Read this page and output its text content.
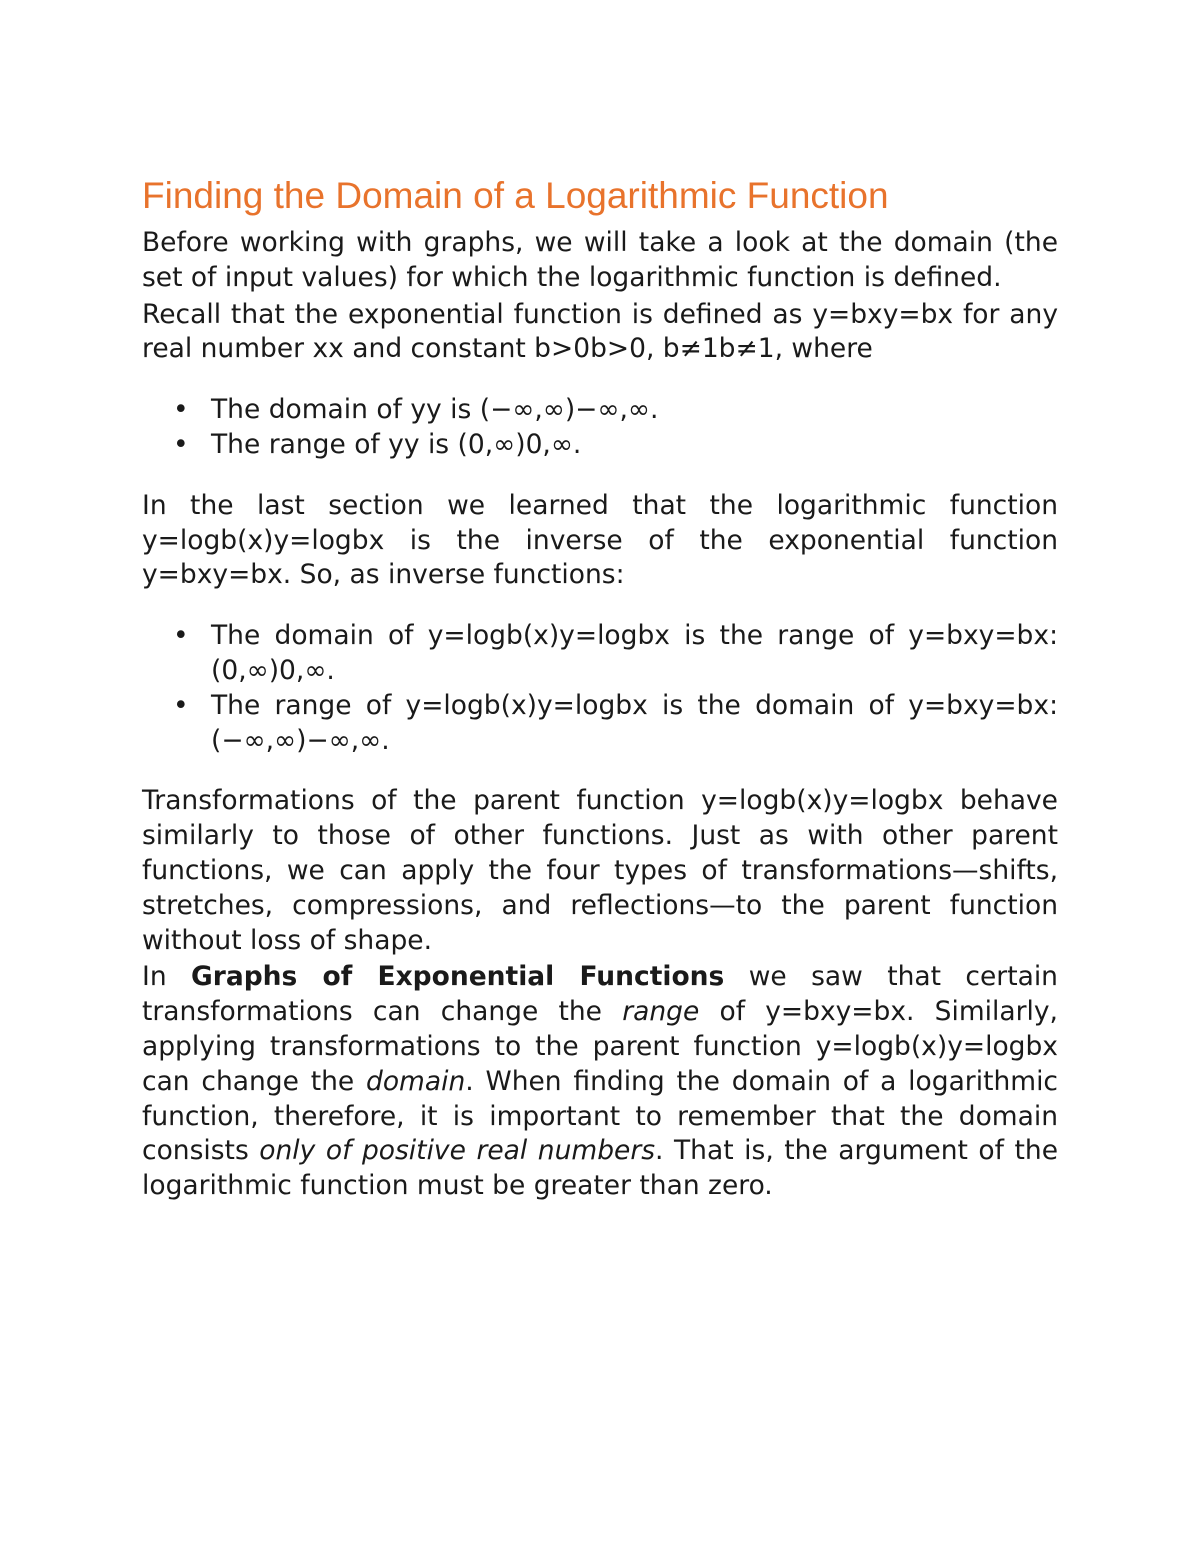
Finding the Domain of a Logarithmic Function

Before working with graphs, we will take a look at the domain (the set of input values) for which the logarithmic function is defined.

Recall that the exponential function is defined as y=bxy=bx for any real number xx and constant b>0b>0, b≠1b≠1, where

• The domain of yy is (−∞,∞)−∞,∞.
• The range of yy is (0,∞)0,∞.

In the last section we learned that the logarithmic function y=logb(x)y=logbx is the inverse of the exponential function y=bxy=bx. So, as inverse functions:

• The domain of y=logb(x)y=logbx is the range of y=bxy=bx: (0,∞)0,∞.
• The range of y=logb(x)y=logbx is the domain of y=bxy=bx: (−∞,∞)−∞,∞.

Transformations of the parent function y=logb(x)y=logbx behave similarly to those of other functions. Just as with other parent functions, we can apply the four types of transformations—shifts, stretches, compressions, and reflections—to the parent function without loss of shape.

In Graphs of Exponential Functions we saw that certain transformations can change the range of y=bxy=bx. Similarly, applying transformations to the parent function y=logb(x)y=logbx can change the domain. When finding the domain of a logarithmic function, therefore, it is important to remember that the domain consists only of positive real numbers. That is, the argument of the logarithmic function must be greater than zero.
